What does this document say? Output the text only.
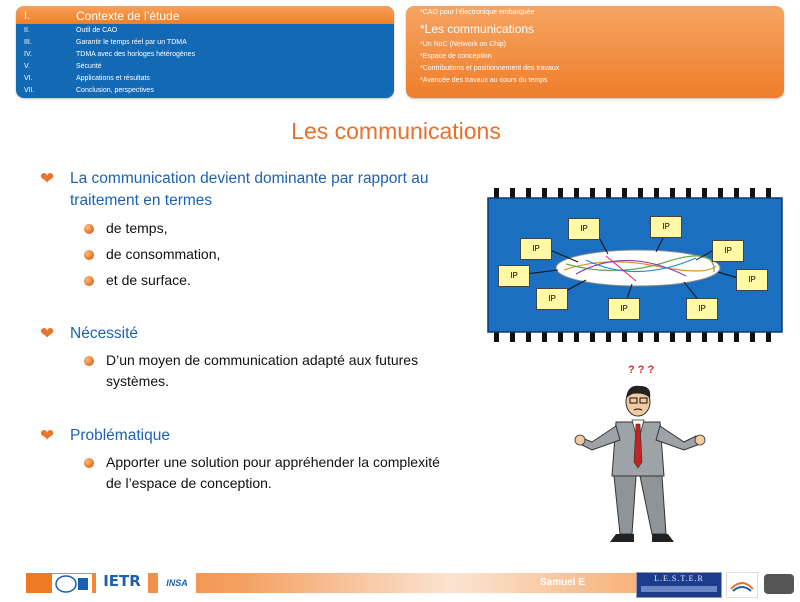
I.	Contexte de l’étude
II.	Outil de CAO
III.	Garantir le temps réel par un TDMA
IV.	TDMA avec des horloges hétérogènes
V.	Sécurité
VI.	Applications et résultats
VII.	Conclusion, perspectives
*CAO pour l’électronique embarquée
*Les communications
*Un NoC (Network on Chip)
*Espace de conception
*Contributions et positionnement des travaux
*Avancée des travaux au cours du temps
Les communications
❤ La communication devient dominante par rapport au
traitement en termes
de temps,
de consommation,
et de surface.
❤ Nécessité
D’un moyen de communication adapté aux futures
systèmes.
❤ Problématique
Apporter une solution pour appréhender la complexité
de l’espace de conception.
IP
IP	IP
IP
IP	IP
IP
IP	IP
? ? ?
Samuel E
IETR	INSA	L.E.S.T.E.R
